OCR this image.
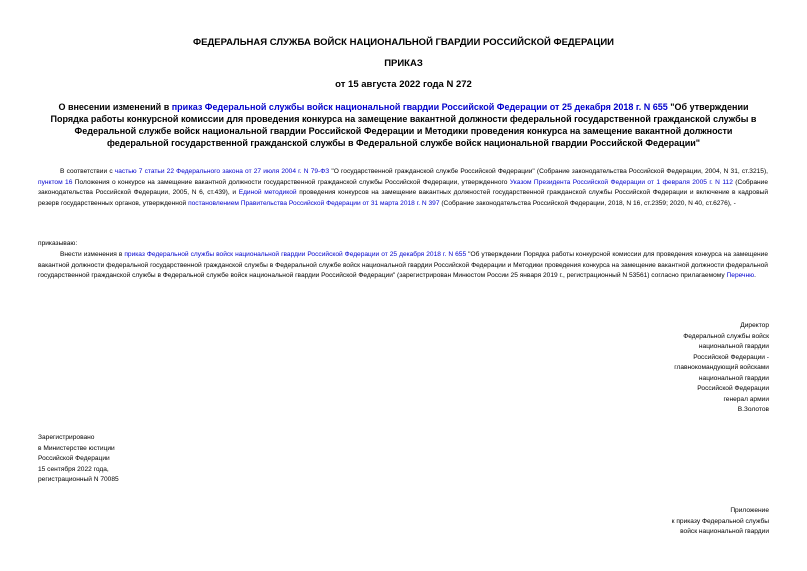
ФЕДЕРАЛЬНАЯ СЛУЖБА ВОЙСК НАЦИОНАЛЬНОЙ ГВАРДИИ РОССИЙСКОЙ ФЕДЕРАЦИИ
ПРИКАЗ
от 15 августа 2022 года N 272
О внесении изменений в приказ Федеральной службы войск национальной гвардии Российской Федерации от 25 декабря 2018 г. N 655 "Об утверждении Порядка работы конкурсной комиссии для проведения конкурса на замещение вакантной должности федеральной государственной гражданской службы в Федеральной службе войск национальной гвардии Российской Федерации и Методики проведения конкурса на замещение вакантной должности федеральной государственной гражданской службы в Федеральной службе войск национальной гвардии Российской Федерации"
В соответствии с частью 7 статьи 22 Федерального закона от 27 июля 2004 г. N 79-ФЗ "О государственной гражданской службе Российской Федерации" (Собрание законодательства Российской Федерации, 2004, N 31, ст.3215), пунктом 16 Положения о конкурсе на замещение вакантной должности государственной гражданской службы Российской Федерации, утвержденного Указом Президента Российской Федерации от 1 февраля 2005 г. N 112 (Собрание законодательства Российской Федерации, 2005, N 6, ст.439), и Единой методикой проведения конкурсов на замещение вакантных должностей государственной гражданской службы Российской Федерации и включение в кадровый резерв государственных органов, утвержденной постановлением Правительства Российской Федерации от 31 марта 2018 г. N 397 (Собрание законодательства Российской Федерации, 2018, N 16, ст.2359; 2020, N 40, ст.6276), -
приказываю:
Внести изменения в приказ Федеральной службы войск национальной гвардии Российской Федерации от 25 декабря 2018 г. N 655 "Об утверждении Порядка работы конкурсной комиссии для проведения конкурса на замещение вакантной должности федеральной государственной гражданской службы в Федеральной службе войск национальной гвардии Российской Федерации и Методики проведения конкурса на замещение вакантной должности федеральной государственной гражданской службы в Федеральной службе войск национальной гвардии Российской Федерации" (зарегистрирован Минюстом России 25 января 2019 г., регистрационный N 53561) согласно прилагаемому Перечню.
Директор
Федеральной службы войск
национальной гвардии
Российской Федерации -
главнокомандующий войсками
национальной гвардии
Российской Федерации
генерал армии
В.Золотов
Зарегистрировано
в Министерстве юстиции
Российской Федерации
15 сентября 2022 года,
регистрационный N 70085
Приложение
к приказу Федеральной службы
войск национальной гвардии
